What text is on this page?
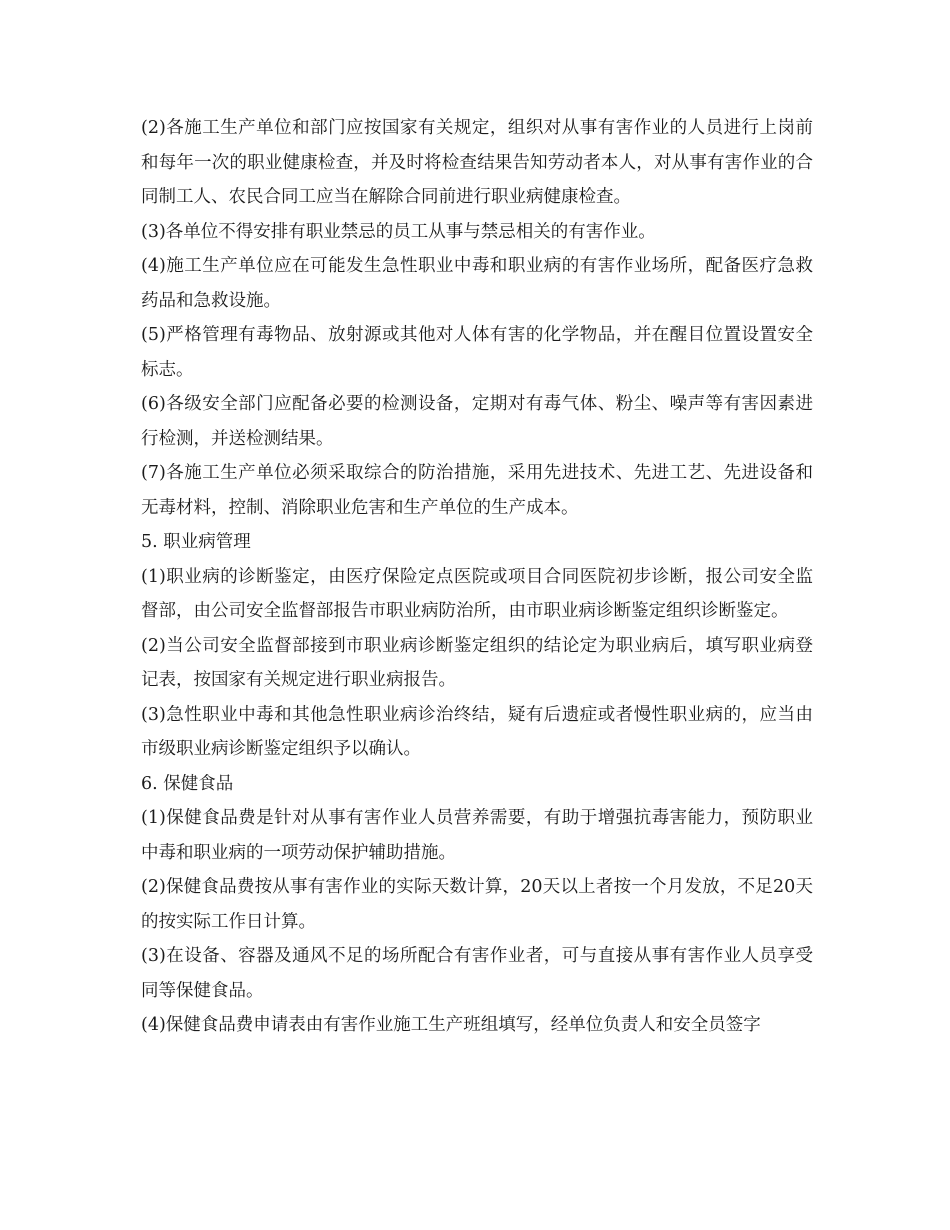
(2)各施工生产单位和部门应按国家有关规定，组织对从事有害作业的人员进行上岗前和每年一次的职业健康检查，并及时将检查结果告知劳动者本人，对从事有害作业的合同制工人、农民合同工应当在解除合同前进行职业病健康检查。

(3)各单位不得安排有职业禁忌的员工从事与禁忌相关的有害作业。

(4)施工生产单位应在可能发生急性职业中毒和职业病的有害作业场所，配备医疗急救药品和急救设施。

(5)严格管理有毒物品、放射源或其他对人体有害的化学物品，并在醒目位置设置安全标志。

(6)各级安全部门应配备必要的检测设备，定期对有毒气体、粉尘、噪声等有害因素进行检测，并送检测结果。

(7)各施工生产单位必须采取综合的防治措施，采用先进技术、先进工艺、先进设备和无毒材料，控制、消除职业危害和生产单位的生产成本。

5. 职业病管理

(1)职业病的诊断鉴定，由医疗保险定点医院或项目合同医院初步诊断，报公司安全监督部，由公司安全监督部报告市职业病防治所，由市职业病诊断鉴定组织诊断鉴定。

(2)当公司安全监督部接到市职业病诊断鉴定组织的结论定为职业病后，填写职业病登记表，按国家有关规定进行职业病报告。

(3)急性职业中毒和其他急性职业病诊治终结，疑有后遗症或者慢性职业病的，应当由市级职业病诊断鉴定组织予以确认。

6. 保健食品

(1)保健食品费是针对从事有害作业人员营养需要，有助于增强抗毒害能力，预防职业中毒和职业病的一项劳动保护辅助措施。

(2)保健食品费按从事有害作业的实际天数计算，20天以上者按一个月发放，不足20天的按实际工作日计算。

(3)在设备、容器及通风不足的场所配合有害作业者，可与直接从事有害作业人员享受同等保健食品。

(4)保健食品费申请表由有害作业施工生产班组填写，经单位负责人和安全员签字
